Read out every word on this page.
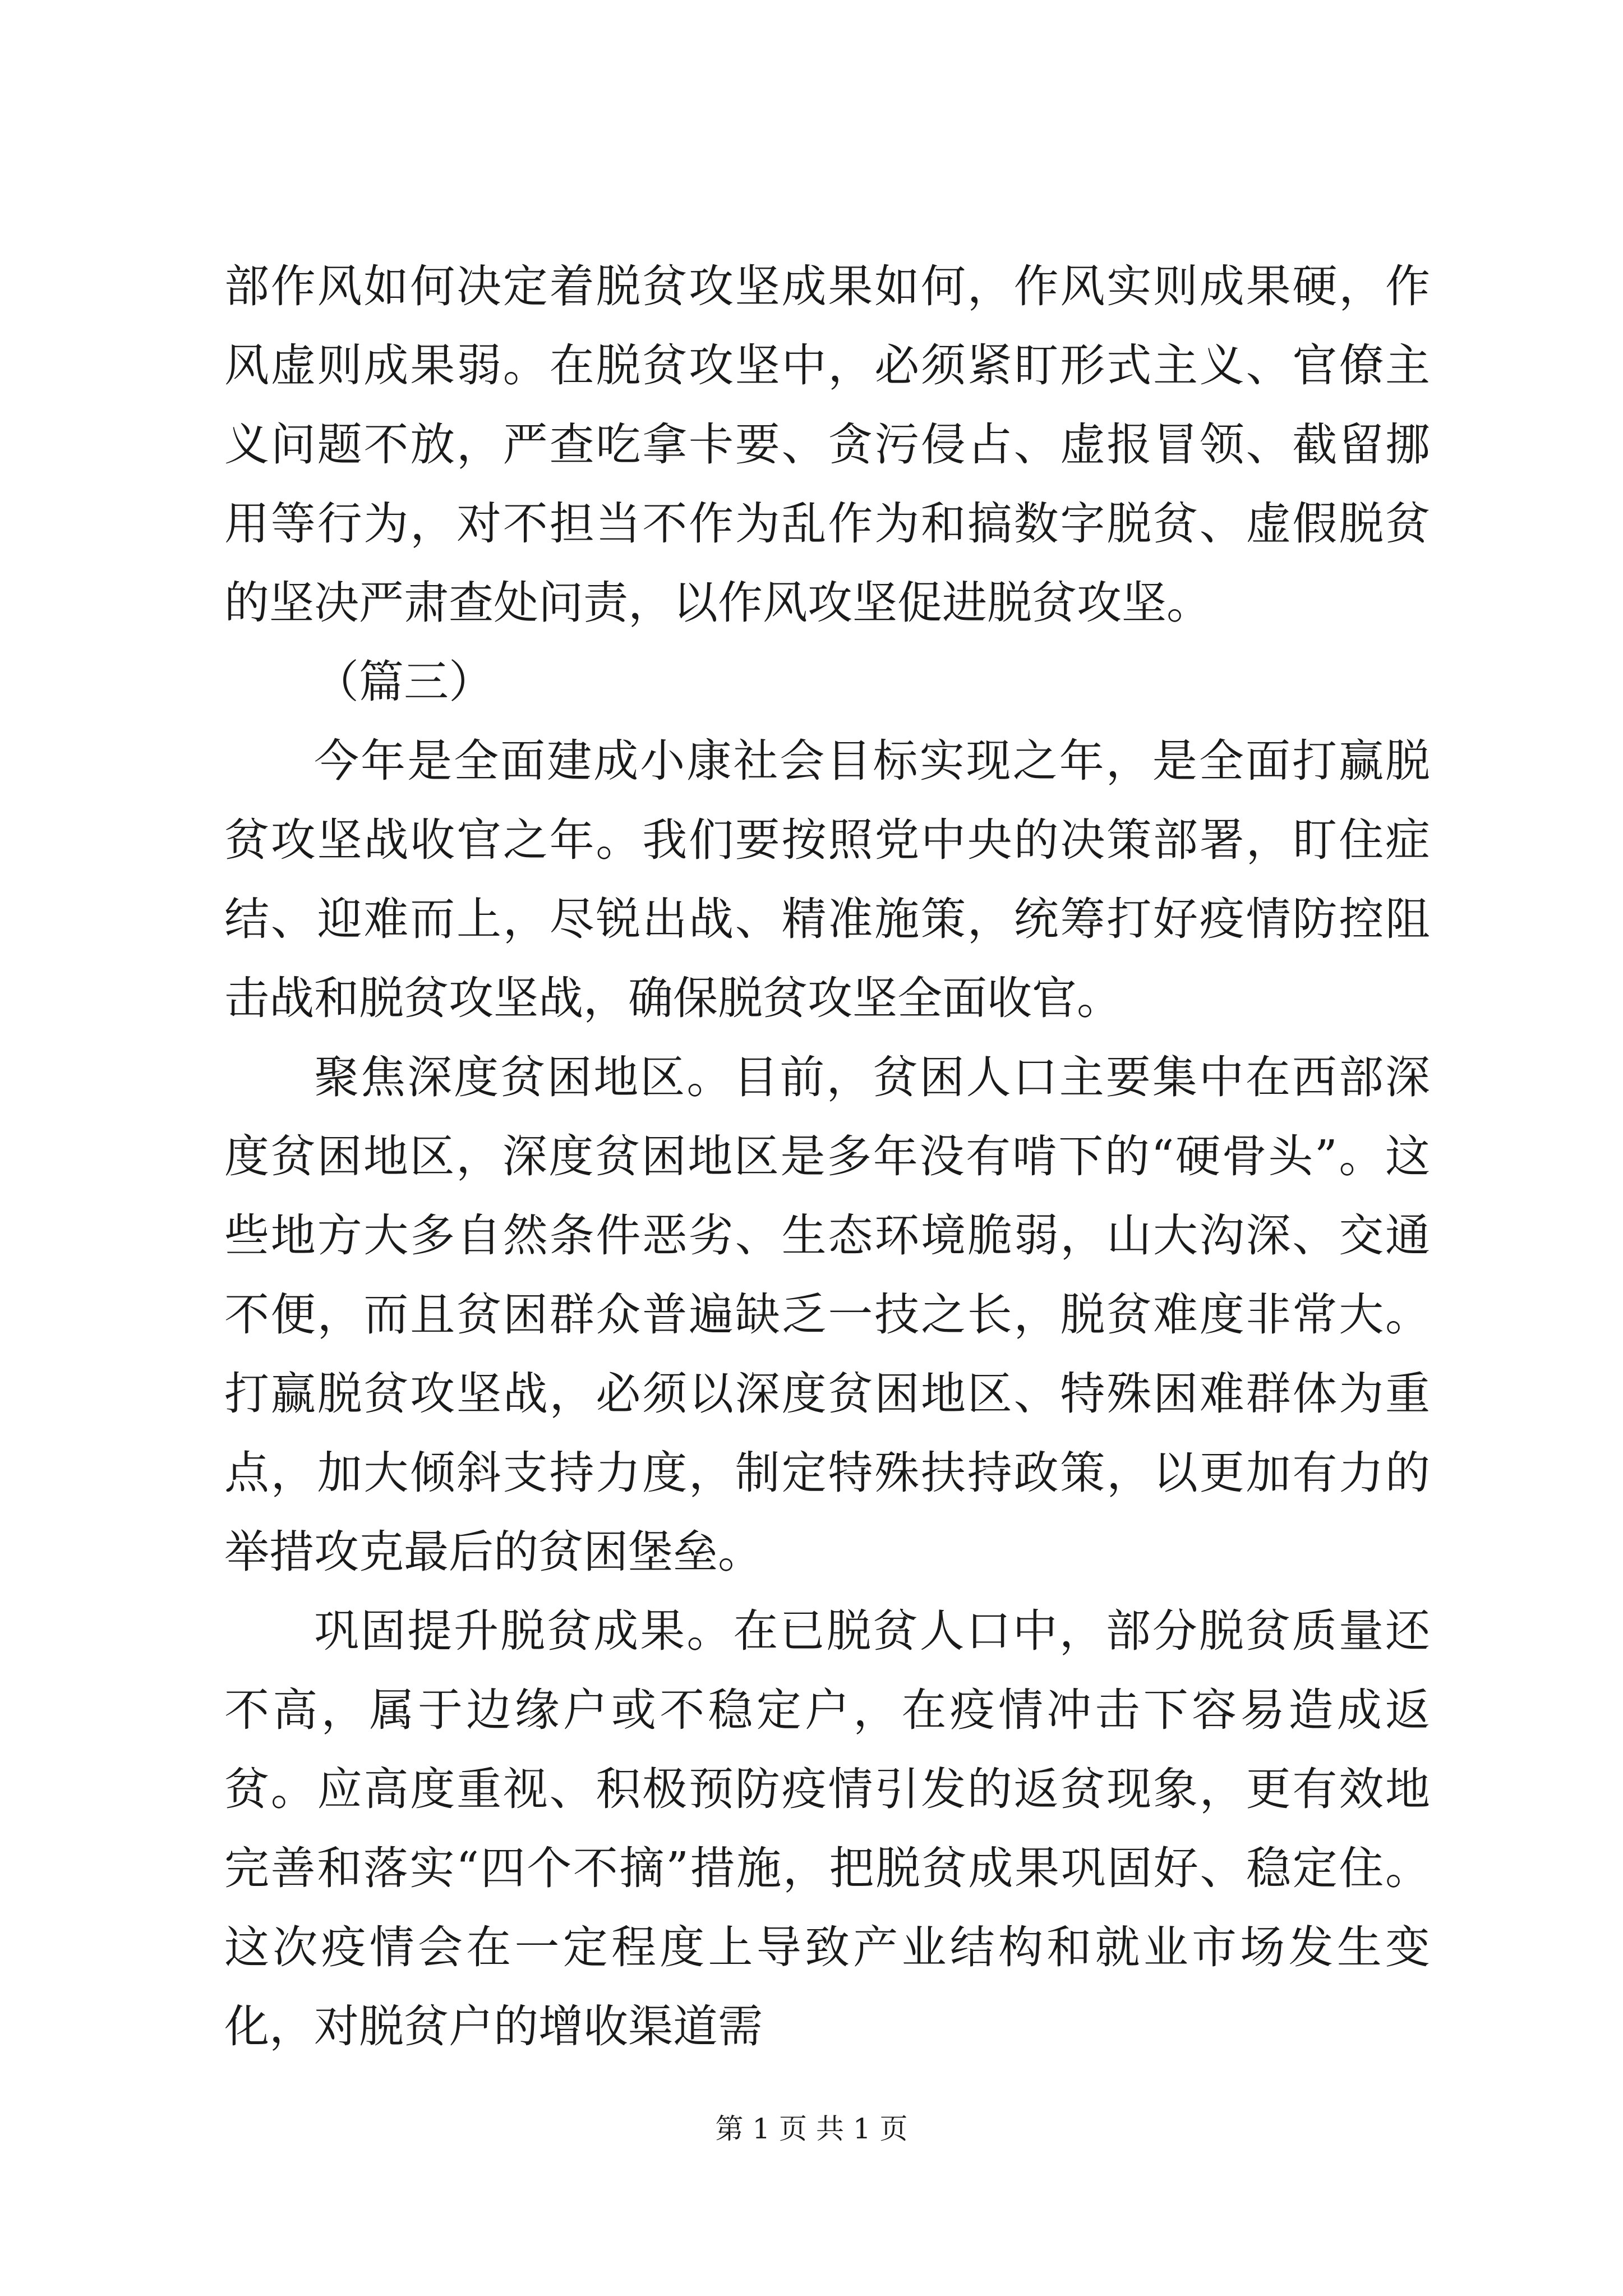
部作风如何决定着脱贫攻坚成果如何，作风实则成果硬，作风虚则成果弱。在脱贫攻坚中，必须紧盯形式主义、官僚主义问题不放，严查吃拿卡要、贪污侵占、虚报冒领、截留挪用等行为，对不担当不作为乱作为和搞数字脱贫、虚假脱贫的坚决严肃查处问责，以作风攻坚促进脱贫攻坚。

（篇三）

今年是全面建成小康社会目标实现之年，是全面打赢脱贫攻坚战收官之年。我们要按照党中央的决策部署，盯住症结、迎难而上，尽锐出战、精准施策，统筹打好疫情防控阻击战和脱贫攻坚战，确保脱贫攻坚全面收官。

聚焦深度贫困地区。目前，贫困人口主要集中在西部深度贫困地区，深度贫困地区是多年没有啃下的“硬骨头”。这些地方大多自然条件恶劣、生态环境脆弱，山大沟深、交通不便，而且贫困群众普遍缺乏一技之长，脱贫难度非常大。打赢脱贫攻坚战，必须以深度贫困地区、特殊困难群体为重点，加大倾斜支持力度，制定特殊扶持政策，以更加有力的举措攻克最后的贫困堡垒。

巩固提升脱贫成果。在已脱贫人口中，部分脱贫质量还不高，属于边缘户或不稳定户，在疫情冲击下容易造成返贫。应高度重视、积极预防疫情引发的返贫现象，更有效地完善和落实“四个不摘”措施，把脱贫成果巩固好、稳定住。这次疫情会在一定程度上导致产业结构和就业市场发生变化，对脱贫户的增收渠道需

第 1 页 共 1 页
